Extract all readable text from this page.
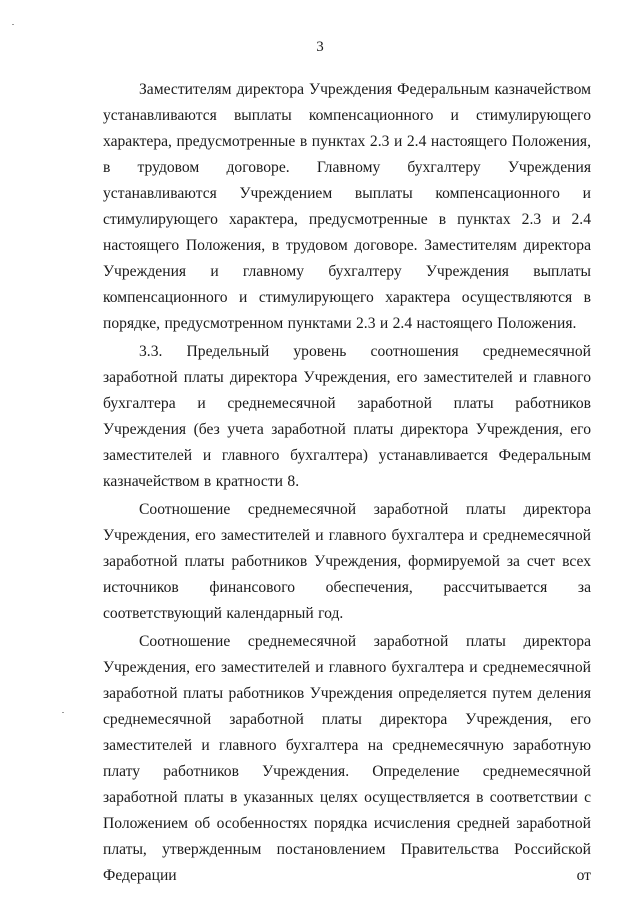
3

Заместителям директора Учреждения Федеральным казначейством устанавливаются выплаты компенсационного и стимулирующего характера, предусмотренные в пунктах 2.3 и 2.4 настоящего Положения, в трудовом договоре. Главному бухгалтеру Учреждения устанавливаются Учреждением выплаты компенсационного и стимулирующего характера, предусмотренные в пунктах 2.3 и 2.4 настоящего Положения, в трудовом договоре. Заместителям директора Учреждения и главному бухгалтеру Учреждения выплаты компенсационного и стимулирующего характера осуществляются в порядке, предусмотренном пунктами 2.3 и 2.4 настоящего Положения.

3.3. Предельный уровень соотношения среднемесячной заработной платы директора Учреждения, его заместителей и главного бухгалтера и среднемесячной заработной платы работников Учреждения (без учета заработной платы директора Учреждения, его заместителей и главного бухгалтера) устанавливается Федеральным казначейством в кратности 8.

Соотношение среднемесячной заработной платы директора Учреждения, его заместителей и главного бухгалтера и среднемесячной заработной платы работников Учреждения, формируемой за счет всех источников финансового обеспечения, рассчитывается за соответствующий календарный год.

Соотношение среднемесячной заработной платы директора Учреждения, его заместителей и главного бухгалтера и среднемесячной заработной платы работников Учреждения определяется путем деления среднемесячной заработной платы директора Учреждения, его заместителей и главного бухгалтера на среднемесячную заработную плату работников Учреждения. Определение среднемесячной заработной платы в указанных целях осуществляется в соответствии с Положением об особенностях порядка исчисления средней заработной платы, утвержденным постановлением Правительства Российской Федерации от
